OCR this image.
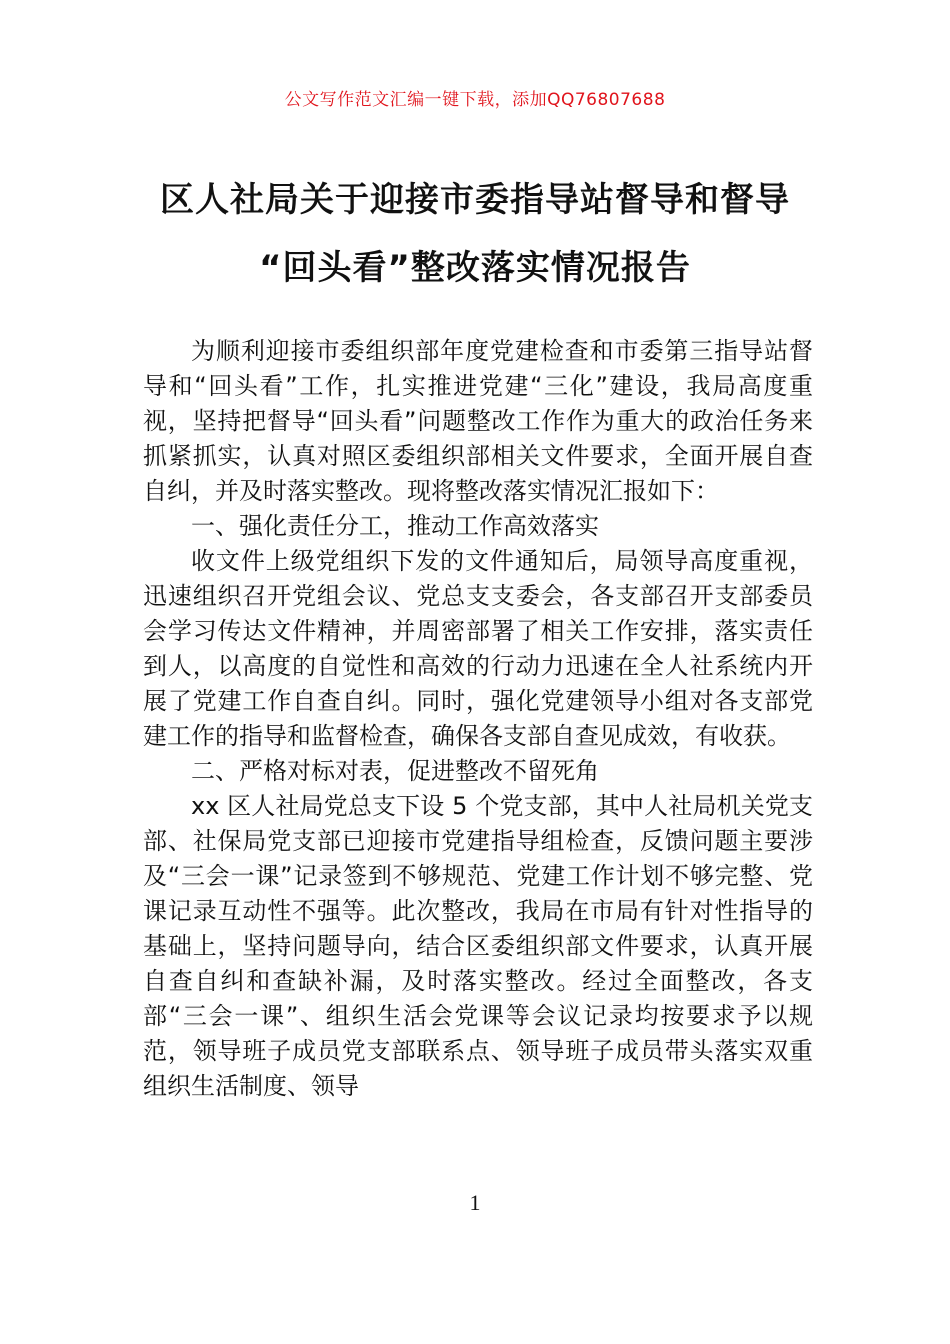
公文写作范文汇编一键下载，添加QQ76807688
区人社局关于迎接市委指导站督导和督导
“回头看”整改落实情况报告

为顺利迎接市委组织部年度党建检查和市委第三指导站督导和“回头看”工作，扎实推进党建“三化”建设，我局高度重视，坚持把督导“回头看”问题整改工作作为重大的政治任务来抓紧抓实，认真对照区委组织部相关文件要求，全面开展自查自纠，并及时落实整改。现将整改落实情况汇报如下：

一、强化责任分工，推动工作高效落实

收文件上级党组织下发的文件通知后，局领导高度重视，迅速组织召开党组会议、党总支支委会，各支部召开支部委员会学习传达文件精神，并周密部署了相关工作安排，落实责任到人，以高度的自觉性和高效的行动力迅速在全人社系统内开展了党建工作自查自纠。同时，强化党建领导小组对各支部党建工作的指导和监督检查，确保各支部自查见成效，有收获。

二、严格对标对表，促进整改不留死角

xx 区人社局党总支下设 5 个党支部，其中人社局机关党支部、社保局党支部已迎接市党建指导组检查，反馈问题主要涉及“三会一课”记录签到不够规范、党建工作计划不够完整、党课记录互动性不强等。此次整改，我局在市局有针对性指导的基础上，坚持问题导向，结合区委组织部文件要求，认真开展自查自纠和查缺补漏，及时落实整改。经过全面整改，各支部“三会一课”、组织生活会党课等会议记录均按要求予以规范，领导班子成员党支部联系点、领导班子成员带头落实双重组织生活制度、领导

1
